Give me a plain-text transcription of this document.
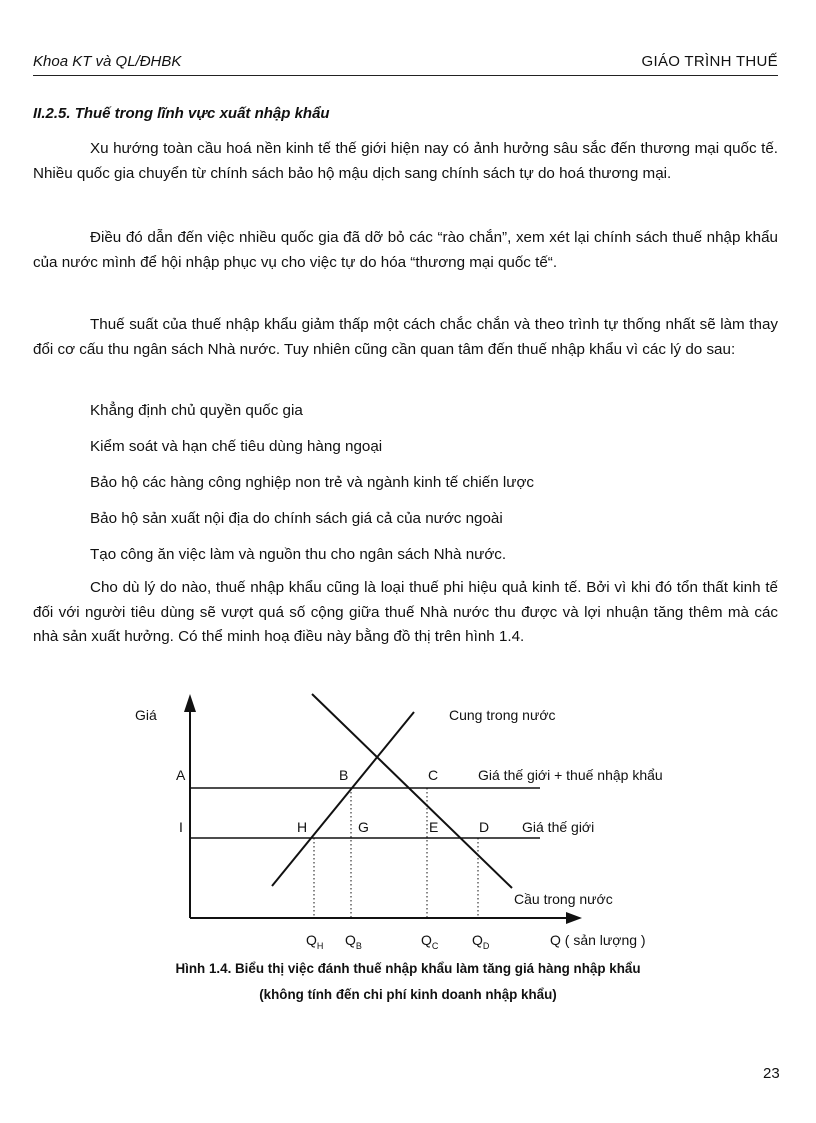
Khoa KT và QL/ĐHBK	GIÁO TRÌNH THUẾ
II.2.5. Thuế trong lĩnh vực xuất nhập khẩu

Xu hướng toàn cầu hoá nền kinh tế thế giới hiện nay có ảnh hưởng sâu sắc đến thương mại quốc tế. Nhiều quốc gia chuyển từ chính sách bảo hộ mậu dịch sang chính sách tự do hoá thương mại.

Điều đó dẫn đến việc nhiều quốc gia đã dỡ bỏ các “rào chắn”, xem xét lại chính sách thuế nhập khẩu của nước mình để hội nhập phục vụ cho việc tự do hóa “thương mại quốc tế“.

Thuế suất của thuế nhập khẩu giảm thấp một cách chắc chắn và theo trình tự thống nhất sẽ làm thay đổi cơ cấu thu ngân sách Nhà nước. Tuy nhiên cũng cần quan tâm đến thuế nhập khẩu vì các lý do sau:

Khẳng định chủ quyền quốc gia

Kiểm soát và hạn chế tiêu dùng hàng ngoại

Bảo hộ các hàng công nghiệp non trẻ và ngành kinh tế chiến lược

Bảo hộ sản xuất nội địa do chính sách giá cả của nước ngoài

Tạo công ăn việc làm và nguồn thu cho ngân sách Nhà nước.

Cho dù lý do nào, thuế nhập khẩu cũng là loại thuế phi hiệu quả kinh tế. Bởi vì khi đó tổn thất kinh tế đối với người tiêu dùng sẽ vượt quá số cộng giữa thuế Nhà nước thu được và lợi nhuận tăng thêm mà các nhà sản xuất hưởng. Có thể minh hoạ điều này bằng đồ thị trên hình 1.4.

Giá
Q ( sản lượng )
A
I
B	C
H	G	E	D
Cung trong nước
Giá thế giới + thuế nhập khẩu
Giá thế giới
Cầu trong nước
$Q_H$ $Q_B$	$Q_C$ $Q_D$

Hình 1.4. Biểu thị việc đánh thuế nhập khẩu làm tăng giá hàng nhập khẩu

(không tính đến chi phí kinh doanh nhập khẩu)

23
